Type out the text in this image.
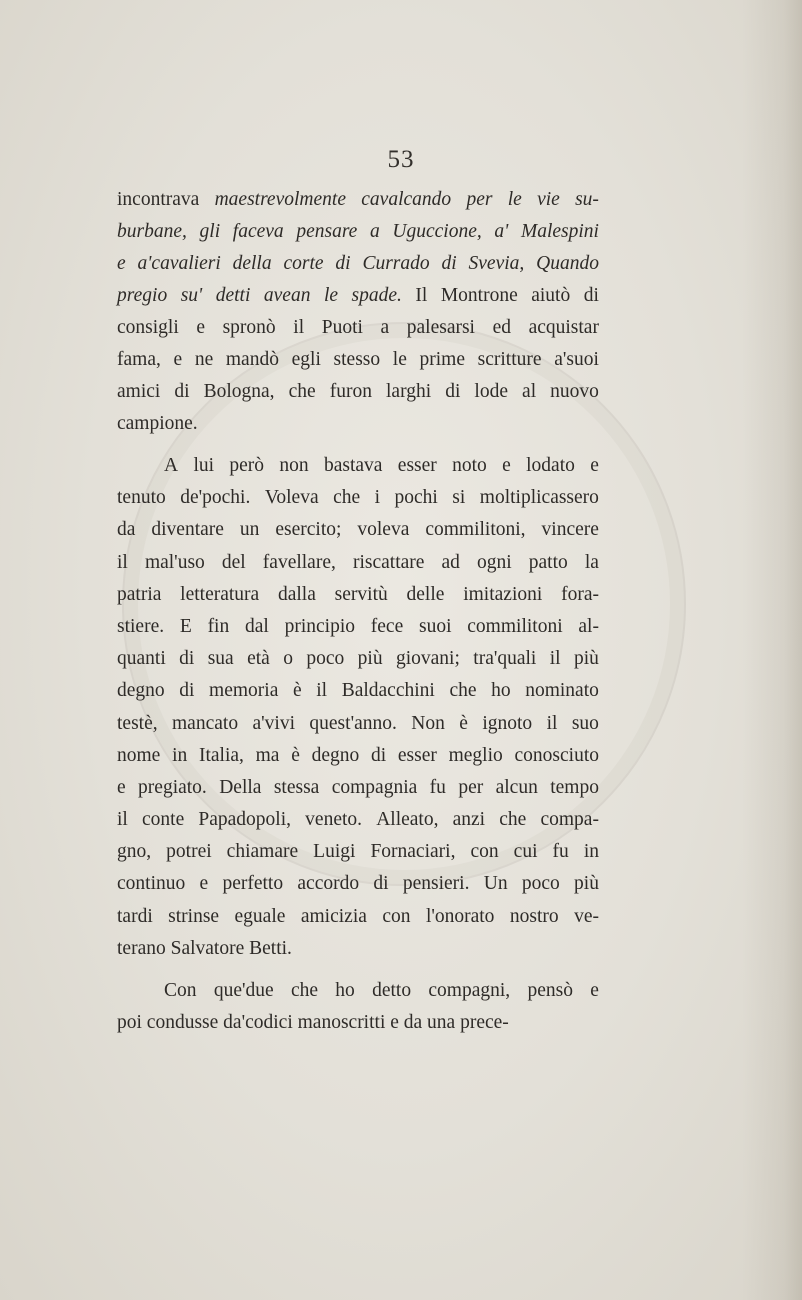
53
incontrava maestrevolmente cavalcando per le vie su-
burbane, gli faceva pensare a Uguccione, a' Malespini
e a'cavalieri della corte di Currado di Svevia, Quando
pregio su' detti avean le spade. Il Montrone aiutò di
consigli e spronò il Puoti a palesarsi ed acquistar
fama, e ne mandò egli stesso le prime scritture a'suoi
amici di Bologna, che furon larghi di lode al nuovo
campione.
A lui però non bastava esser noto e lodato e
tenuto de'pochi. Voleva che i pochi si moltiplicassero
da diventare un esercito; voleva commilitoni, vincere
il mal'uso del favellare, riscattare ad ogni patto la
patria letteratura dalla servitù delle imitazioni fora-
stiere. E fin dal principio fece suoi commilitoni al-
quanti di sua età o poco più giovani; tra'quali il più
degno di memoria è il Baldacchini che ho nominato
testè, mancato a'vivi quest'anno. Non è ignoto il suo
nome in Italia, ma è degno di esser meglio conosciuto
e pregiato. Della stessa compagnia fu per alcun tempo
il conte Papadopoli, veneto. Alleato, anzi che compa-
gno, potrei chiamare Luigi Fornaciari, con cui fu in
continuo e perfetto accordo di pensieri. Un poco più
tardi strinse eguale amicizia con l'onorato nostro ve-
terano
Salvatore
Betti.
Con que'due che ho detto compagni, pensò e
poi
condusse
da'codici
manoscritti
e
da
una
prece-
